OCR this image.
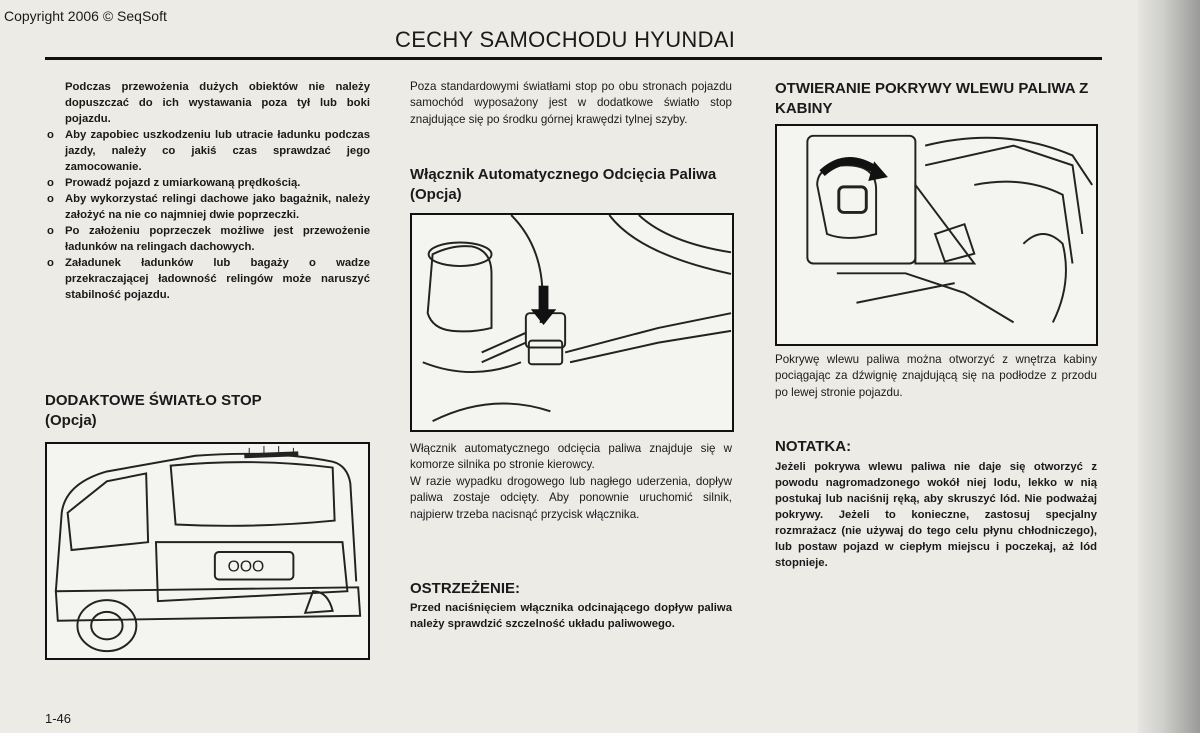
Copyright 2006 © SeqSoft
CECHY SAMOCHODU HYUNDAI

Podczas przewożenia dużych obiektów nie należy dopuszczać do ich wystawania poza tył lub boki pojazdu.

o Aby zapobiec uszkodzeniu lub utracie ładunku podczas jazdy, należy co jakiś czas sprawdzać jego zamocowanie.

o Prowadź pojazd z umiarkowaną prędkością.

o Aby wykorzystać relingi dachowe jako bagażnik, należy założyć na nie co najmniej dwie poprzeczki.

o Po założeniu poprzeczek możliwe jest przewożenie ładunków na relingach dachowych.

o Załadunek ładunków lub bagaży o wadze przekraczającej ładowność relingów może naruszyć stabilność pojazdu.

DODAKTOWE ŚWIATŁO STOP

(Opcja)

OOO

Poza standardowymi światłami stop po obu stronach pojazdu samochód wyposażony jest w dodatkowe światło stop znajdujące się po środku górnej krawędzi tylnej szyby.

Włącznik Automatycznego Odcięcia Paliwa (Opcja)

Włącznik automatycznego odcięcia paliwa znajduje się w komorze silnika po stronie kierowcy.

W razie wypadku drogowego lub nagłego uderzenia, dopływ paliwa zostaje odcięty. Aby ponownie uruchomić silnik, najpierw trzeba nacisnąć przycisk włącznika.

OSTRZEŻENIE:

Przed naciśnięciem włącznika odcinającego dopływ paliwa należy sprawdzić szczelność układu paliwowego.

OTWIERANIE POKRYWY WLEWU PALIWA Z KABINY

Pokrywę wlewu paliwa można otworzyć z wnętrza kabiny pociągając za dźwignię znajdującą się na podłodze z przodu po lewej stronie pojazdu.

NOTATKA:

Jeżeli pokrywa wlewu paliwa nie daje się otworzyć z powodu nagromadzonego wokół niej lodu, lekko w nią postukaj lub naciśnij ręką, aby skruszyć lód. Nie podważaj pokrywy. Jeżeli to konieczne, zastosuj specjalny rozmrażacz (nie używaj do tego celu płynu chłodniczego), lub postaw pojazd w ciepłym miejscu i poczekaj, aż lód stopnieje.

1-46
